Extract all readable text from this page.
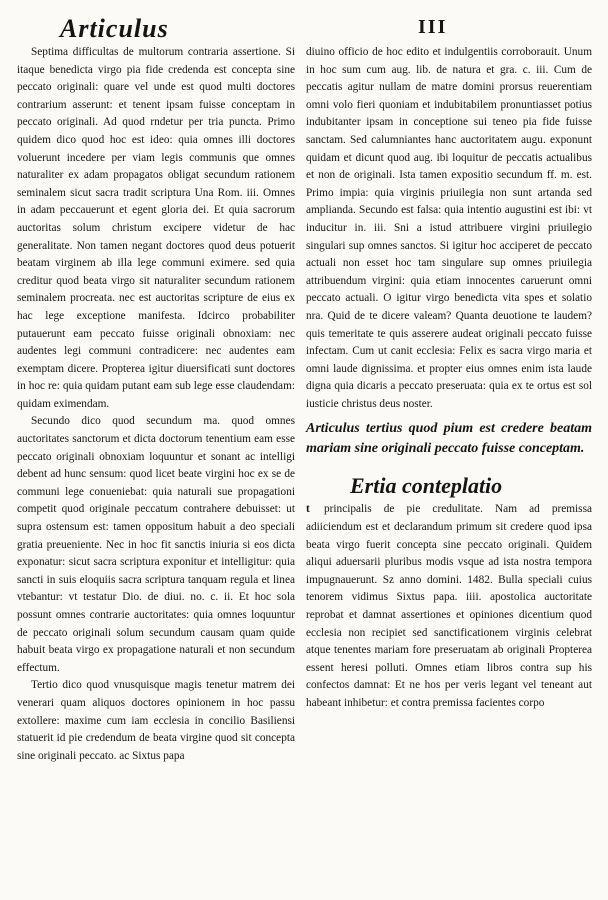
Articulus	III

Septima difficultas de multorum contraria assertione. Si itaque benedicta virgo pia fide credenda est concepta sine peccato originali: quare vel unde est quod multi doctores contrarium asserunt: et tenent ipsam fuisse conceptam in peccato originali. Ad quod rndetur per tria puncta. Primo quidem dico quod hoc est ideo: quia omnes illi doctores voluerunt incedere per viam legis communis que omnes naturaliter ex adam propagatos obligat secundum rationem seminalem sicut sacra tradit scriptura Una Rom. iii. Omnes in adam peccauerunt et egent gloria dei. Et quia sacrorum auctoritas solum christum excipere videtur de hac generalitate. Non tamen negant doctores quod deus potuerit beatam virginem ab illa lege communi eximere. sed quia creditur quod beata virgo sit naturaliter secundum rationem seminalem procreata. nec est auctoritas scripture de eius ex hac lege exceptione manifesta. Idcirco probabiliter putauerunt eam peccato fuisse originali obnoxiam: nec audentes legi communi contradicere: nec audentes eam exemptam dicere. Propterea igitur diuersificati sunt doctores in hoc re: quia quidam putant eam sub lege esse claudendam: quidam eximendam.

Secundo dico quod secundum ma. quod omnes auctoritates sanctorum et dicta doctorum tenentium eam esse peccato originali obnoxiam loquuntur et sonant ac intelligi debent ad hunc sensum: quod licet beate virgini hoc ex se de communi lege conueniebat: quia naturali sue propagationi competit quod originale peccatum contrahere debuisset: ut supra ostensum est: tamen oppositum habuit a deo speciali gratia preueniente. Nec in hoc fit sanctis iniuria si eos dicta exponatur: sicut sacra scriptura exponitur et intelligitur: quia sancti in suis eloquiis sacra scriptura tanquam regula et linea vtebantur: vt testatur Dio. de diui. no. c. ii. Et hoc sola possunt omnes contrarie auctoritates: quia omnes loquuntur de peccato originali solum secundum causam quam quide habuit beata virgo ex propagatione naturali et non secundum effectum.

Tertio dico quod vnusquisque magis tenetur matrem dei venerari quam aliquos doctores opinionem in hoc passu extollere: maxime cum iam ecclesia in concilio Basiliensi statuerit id pie credendum de beata virgine quod sit concepta sine originali peccato. ac Sixtus papa

diuino officio de hoc edito et indulgentiis corroborauit. Unum in hoc sum cum aug. lib. de natura et gra. c. iii. Cum de peccatis agitur nullam de matre domini prorsus reuerentiam omni volo fieri quoniam et indubitabilem pronuntiasset potius indubitanter ipsam in conceptione sui teneo pia fide fuisse sanctam. Sed calumniantes hanc auctoritatem augu. exponunt quidam et dicunt quod aug. ibi loquitur de peccatis actualibus et non de originali. Ista tamen expositio secundum ff. m. est. Primo impia: quia virginis priuilegia non sunt artanda sed amplianda. Secundo est falsa: quia intentio augustini est ibi: vt inducitur in. iii. Sni a istud attribuere virgini priuilegio singulari sup omnes sanctos. Si igitur hoc acciperet de peccato actuali non esset hoc tam singulare sup omnes priuilegia attribuendum virgini: quia etiam innocentes caruerunt omni peccato actuali. O igitur virgo benedicta vita spes et solatio nra. Quid de te dicere valeam? Quanta deuotione te laudem? quis temeritate te quis asserere audeat originali peccato fuisse infectam. Cum ut canit ecclesia: Felix es sacra virgo maria et omni laude dignissima. et propter eius omnes enim ista laude digna quia dicaris a peccato preseruata: quia ex te ortus est sol iusticie christus deus noster.

Articulus tertius quod pium est credere beatam mariam sine originali peccato fuisse conceptam.

Ertia conteplatio

t principalis de pie credulitate. Nam ad premissa adiiciendum est et declarandum primum sit credere quod ipsa beata virgo fuerit concepta sine peccato originali. Quidem aliqui aduersarii pluribus modis vsque ad ista nostra tempora impugnauerunt. Sz anno domini. 1482. Bulla speciali cuius tenorem vidimus Sixtus papa. iiii. apostolica auctoritate reprobat et damnat assertiones et opiniones dicentium quod ecclesia non recipiet sed sanctificationem virginis celebrat atque tenentes mariam fore preseruatam ab originali Propterea essent heresi polluti. Omnes etiam libros contra sup his confectos damnat: Et ne hos per veris legant vel teneant aut habeant inhibetur: et contra premissa facientes corpo
